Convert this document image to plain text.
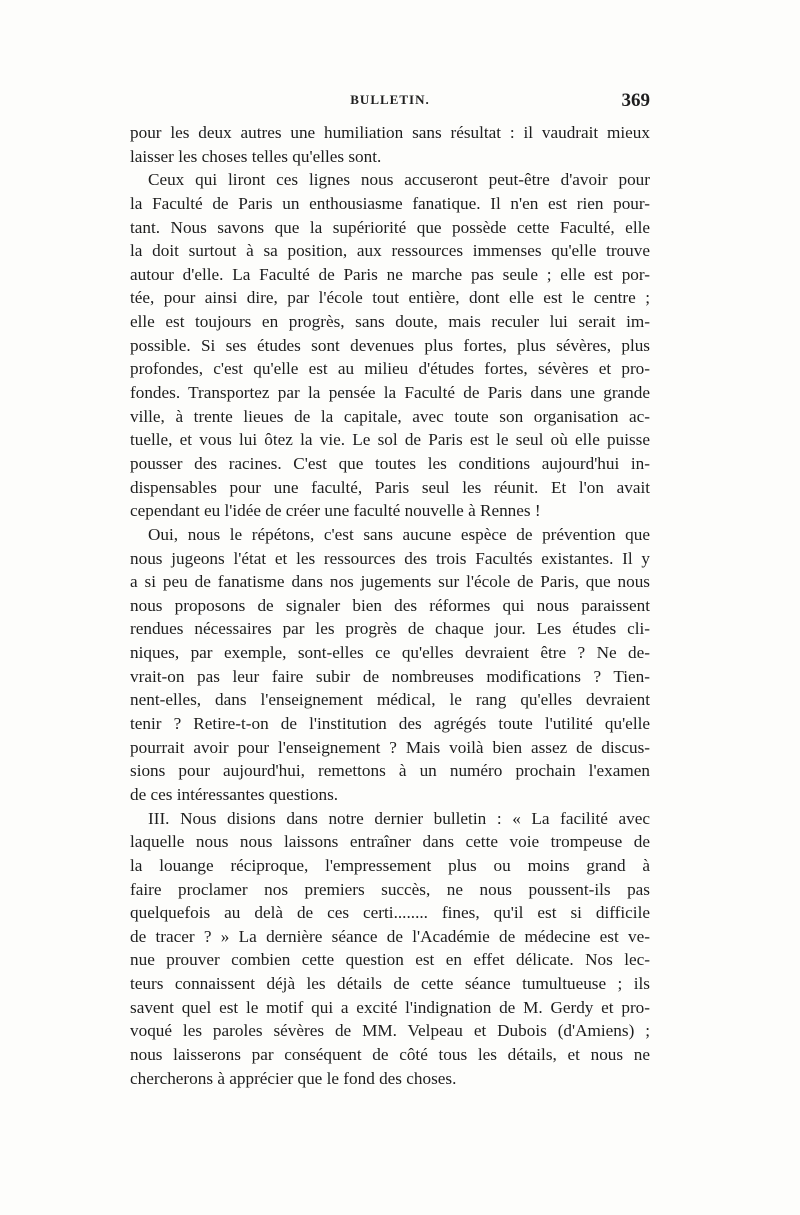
BULLETIN.	369
pour les deux autres une humiliation sans résultat : il vaudrait mieux
laisser les choses telles qu'elles sont.
Ceux qui liront ces lignes nous accuseront peut-être d'avoir pour
la Faculté de Paris un enthousiasme fanatique. Il n'en est rien pour-
tant. Nous savons que la supériorité que possède cette Faculté, elle
la doit surtout à sa position, aux ressources immenses qu'elle trouve
autour d'elle. La Faculté de Paris ne marche pas seule ; elle est por-
tée, pour ainsi dire, par l'école tout entière, dont elle est le centre ;
elle est toujours en progrès, sans doute, mais reculer lui serait im-
possible. Si ses études sont devenues plus fortes, plus sévères, plus
profondes, c'est qu'elle est au milieu d'études fortes, sévères et pro-
fondes. Transportez par la pensée la Faculté de Paris dans une grande
ville, à trente lieues de la capitale, avec toute son organisation ac-
tuelle, et vous lui ôtez la vie. Le sol de Paris est le seul où elle puisse
pousser des racines. C'est que toutes les conditions aujourd'hui in-
dispensables pour une faculté, Paris seul les réunit. Et l'on avait
cependant eu l'idée de créer une faculté nouvelle à Rennes !
Oui, nous le répétons, c'est sans aucune espèce de prévention que
nous jugeons l'état et les ressources des trois Facultés existantes. Il y
a si peu de fanatisme dans nos jugements sur l'école de Paris, que nous
nous proposons de signaler bien des réformes qui nous paraissent
rendues nécessaires par les progrès de chaque jour. Les études cli-
niques, par exemple, sont-elles ce qu'elles devraient être ? Ne de-
vrait-on pas leur faire subir de nombreuses modifications ? Tien-
nent-elles, dans l'enseignement médical, le rang qu'elles devraient
tenir ? Retire-t-on de l'institution des agrégés toute l'utilité qu'elle
pourrait avoir pour l'enseignement ? Mais voilà bien assez de discus-
sions pour aujourd'hui, remettons à un numéro prochain l'examen
de ces intéressantes questions.
III. Nous disions dans notre dernier bulletin : « La facilité avec
laquelle nous nous laissons entraîner dans cette voie trompeuse de
la louange réciproque, l'empressement plus ou moins grand à
faire proclamer nos premiers succès, ne nous poussent-ils pas
quelquefois au delà de ces certi........ fines, qu'il est si difficile
de tracer ? » La dernière séance de l'Académie de médecine est ve-
nue prouver combien cette question est en effet délicate. Nos lec-
teurs connaissent déjà les détails de cette séance tumultueuse ; ils
savent quel est le motif qui a excité l'indignation de M. Gerdy et pro-
voqué les paroles sévères de MM. Velpeau et Dubois (d'Amiens) ;
nous laisserons par conséquent de côté tous les détails, et nous ne
chercherons à apprécier que le fond des choses.
